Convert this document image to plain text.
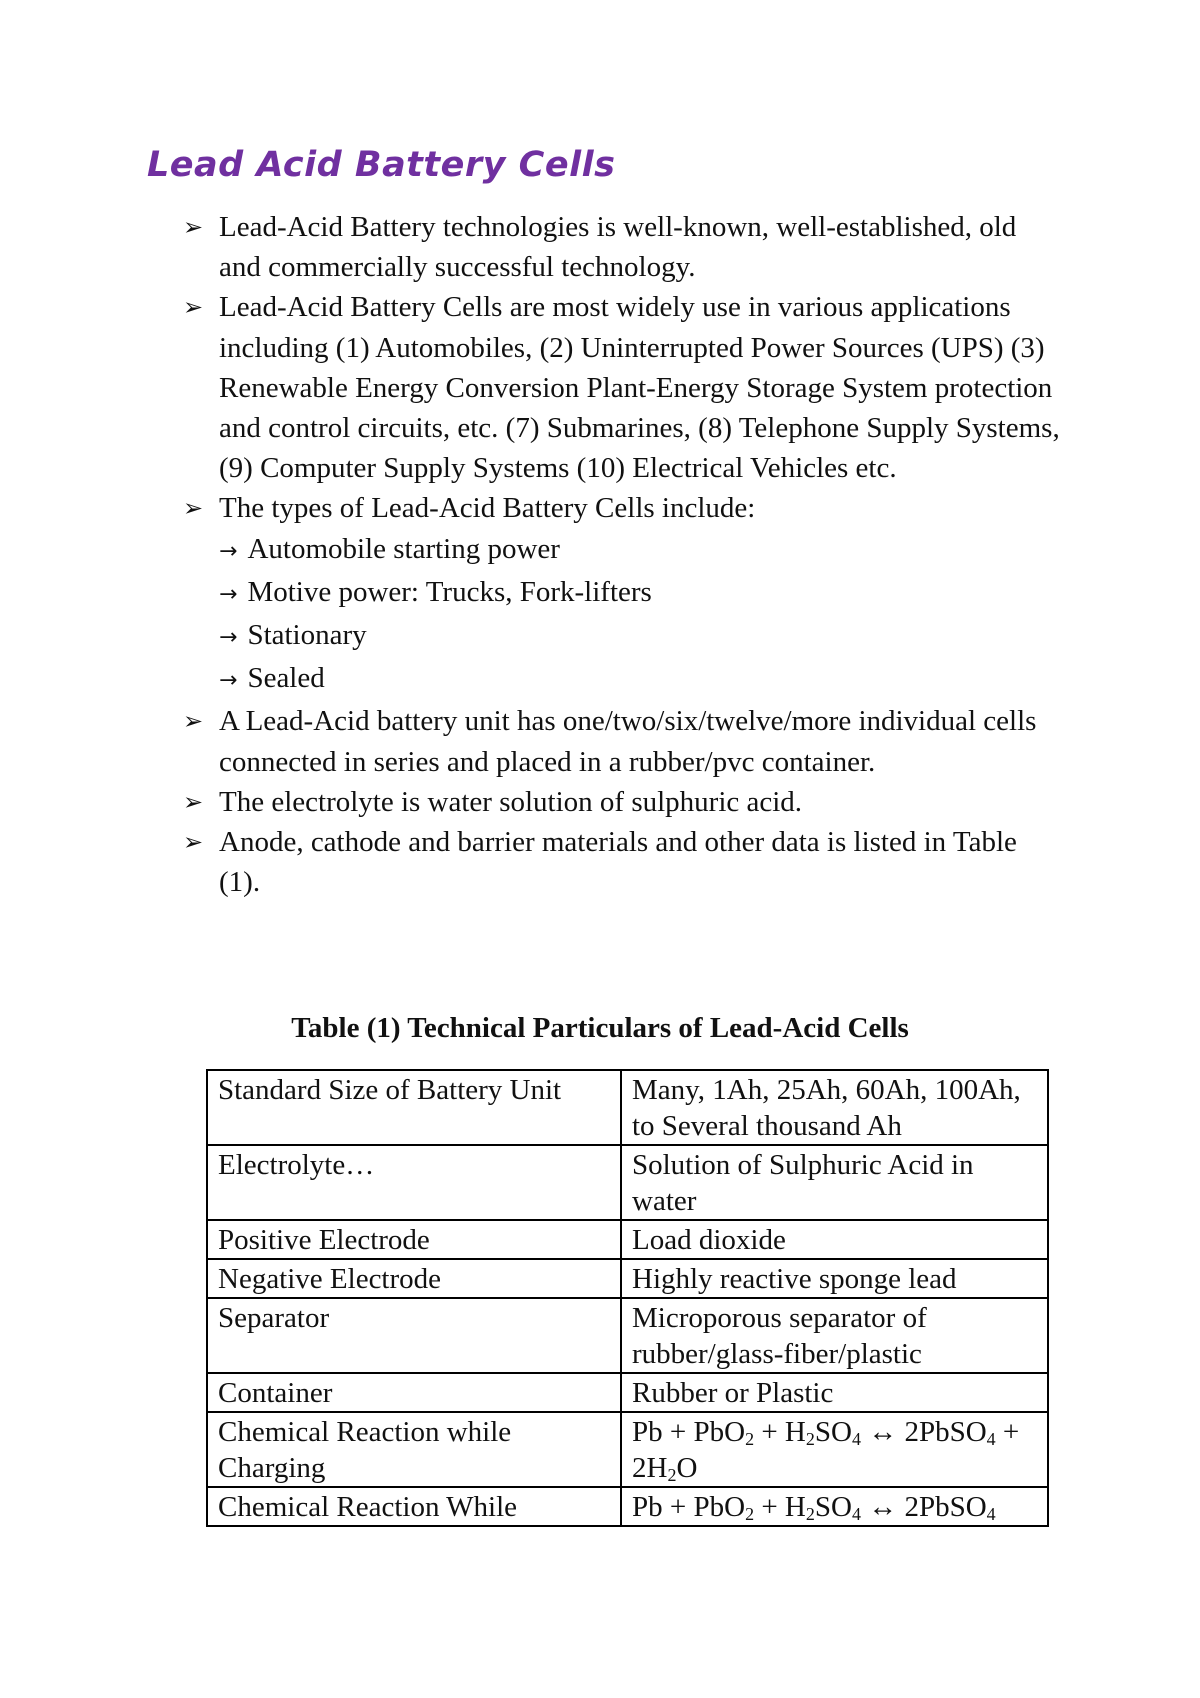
Lead Acid Battery Cells
➢ Lead-Acid Battery technologies is well-known, well-established, old and commercially successful technology.
➢ Lead-Acid Battery Cells are most widely use in various applications including (1) Automobiles, (2) Uninterrupted Power Sources (UPS) (3) Renewable Energy Conversion Plant-Energy Storage System protection and control circuits, etc. (7) Submarines, (8) Telephone Supply Systems, (9) Computer Supply Systems (10) Electrical Vehicles etc.
➢ The types of Lead-Acid Battery Cells include:
→ Automobile starting power
→ Motive power: Trucks, Fork-lifters
→ Stationary
→ Sealed
➢ A Lead-Acid battery unit has one/two/six/twelve/more individual cells connected in series and placed in a rubber/pvc container.
➢ The electrolyte is water solution of sulphuric acid.
➢ Anode, cathode and barrier materials and other data is listed in Table (1).

Table (1) Technical Particulars of Lead-Acid Cells

Standard Size of Battery Unit	Many, 1Ah, 25Ah, 60Ah, 100Ah, to Several thousand Ah
Electrolyte…	Solution of Sulphuric Acid in water
Positive Electrode	Load dioxide
Negative Electrode	Highly reactive sponge lead
Separator	Microporous separator of rubber/glass-fiber/plastic
Container	Rubber or Plastic
Chemical Reaction while Charging	$Pb + PbO_2 + H_2SO_4$ ↔ 2PbSO$_4$ + $2H_2O$
Chemical Reaction While	$Pb + PbO_2 + H_2SO_4$ ↔ 2PbSO$_4$
